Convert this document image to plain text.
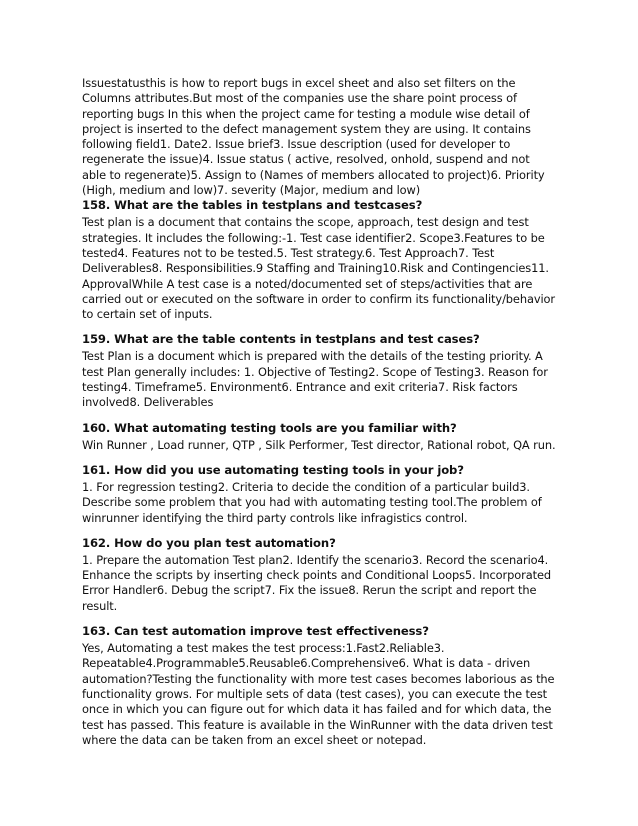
Issuestatusthis is how to report bugs in excel sheet and also set filters on the Columns attributes.But most of the companies use the share point process of reporting bugs In this when the project came for testing a module wise detail of project is inserted to the defect management system they are using. It contains following field1. Date2. Issue brief3. Issue description (used for developer to regenerate the issue)4. Issue status ( active, resolved, onhold, suspend and not able to regenerate)5. Assign to (Names of members allocated to project)6. Priority (High, medium and low)7. severity (Major, medium and low)

158. What are the tables in testplans and testcases?

Test plan is a document that contains the scope, approach, test design and test strategies. It includes the following:-1. Test case identifier2. Scope3.Features to be tested4. Features not to be tested.5. Test strategy.6. Test Approach7. Test Deliverables8. Responsibilities.9 Staffing and Training10.Risk and Contingencies11. ApprovalWhile A test case is a noted/documented set of steps/activities that are carried out or executed on the software in order to confirm its functionality/behavior to certain set of inputs.

159. What are the table contents in testplans and test cases?

Test Plan is a document which is prepared with the details of the testing priority. A test Plan generally includes: 1. Objective of Testing2. Scope of Testing3. Reason for testing4. Timeframe5. Environment6. Entrance and exit criteria7. Risk factors involved8. Deliverables

160. What automating testing tools are you familiar with?

Win Runner , Load runner, QTP , Silk Performer, Test director, Rational robot, QA run.

161. How did you use automating testing tools in your job?

1. For regression testing2. Criteria to decide the condition of a particular build3. Describe some problem that you had with automating testing tool.The problem of winrunner identifying the third party controls like infragistics control.

162. How do you plan test automation?

1. Prepare the automation Test plan2. Identify the scenario3. Record the scenario4. Enhance the scripts by inserting check points and Conditional Loops5. Incorporated Error Handler6. Debug the script7. Fix the issue8. Rerun the script and report the result.

163. Can test automation improve test effectiveness?

Yes, Automating a test makes the test process:1.Fast2.Reliable3. Repeatable4.Programmable5.Reusable6.Comprehensive6. What is data - driven automation?Testing the functionality with more test cases becomes laborious as the functionality grows. For multiple sets of data (test cases), you can execute the test once in which you can figure out for which data it has failed and for which data, the test has passed. This feature is available in the WinRunner with the data driven test where the data can be taken from an excel sheet or notepad.
